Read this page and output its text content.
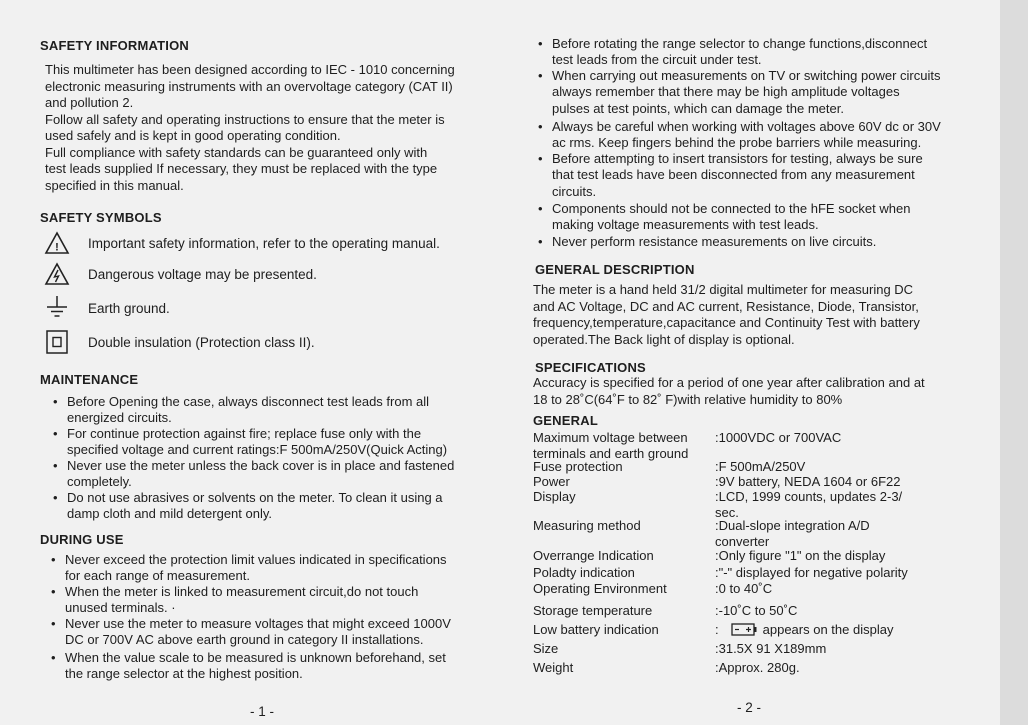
SAFETY INFORMATION
This multimeter has been designed according to IEC - 1010 concerning
electronic measuring instruments with an overvoltage category (CAT II)
and pollution 2.
Follow all safety and operating instructions to ensure that the meter is
used safely and is kept in good operating condition.
Full compliance with safety standards can be guaranteed only with
test leads supplied If necessary, they must be replaced with the type
specified in this manual.
SAFETY SYMBOLS
! Important safety information, refer to the operating manual.
Dangerous voltage may be presented.
Earth ground.
Double insulation (Protection class II).
MAINTENANCE
• Before Opening the case, always disconnect test leads from all
energized circuits.
• For continue protection against fire; replace fuse only with the
specified voltage and current ratings:F 500mA/250V(Quick Acting)
• Never use the meter unless the back cover is in place and fastened
completely.
• Do not use abrasives or solvents on the meter. To clean it using a
damp cloth and mild detergent only.
DURING USE
• Never exceed the protection limit values indicated in specifications
for each range of measurement.
• When the meter is linked to measurement circuit,do not touch
unused terminals. ·
• Never use the meter to measure voltages that might exceed 1000V
DC or 700V AC above earth ground in category II installations.
• When the value scale to be measured is unknown beforehand, set
the range selector at the highest position.
- 1 -
• Before rotating the range selector to change functions,disconnect
test leads from the circuit under test.
• When carrying out measurements on TV or switching power circuits
always remember that there may be high amplitude voltages
pulses at test points, which can damage the meter.
• Always be careful when working with voltages above 60V dc or 30V
ac rms. Keep fingers behind the probe barriers while measuring.
• Before attempting to insert transistors for testing, always be sure
that test leads have been disconnected from any measurement
circuits.
• Components should not be connected to the hFE socket when
making voltage measurements with test leads.
• Never perform resistance measurements on live circuits.
GENERAL DESCRIPTION
The meter is a hand held 31/2 digital multimeter for measuring DC
and AC Voltage, DC and AC current, Resistance, Diode, Transistor,
frequency,temperature,capacitance and Continuity Test with battery
operated.The Back light of display is optional.
SPECIFICATIONS
Accuracy is specified for a period of one year after calibration and at
18 to 28˚C(64˚F to 82˚ F)with relative humidity to 80%
GENERAL
Maximum voltage between
terminals and earth ground
:1000VDC or 700VAC
Fuse protection	:F 500mA/250V
Power	:9V battery, NEDA 1604 or 6F22
Display	:LCD, 1999 counts, updates 2-3/
sec.
Measuring method	:Dual-slope integration A/D
converter
Overrange Indication	:Only figure "1" on the display
Poladty indication	:"-" displayed for negative polarity
Operating Environment	:0 to 40˚C
Storage temperature	:-10˚C to 50˚C
Low battery indication	:	appears on the display
Size	:31.5X 91 X189mm
Weight	:Approx. 280g.
- 2 -
